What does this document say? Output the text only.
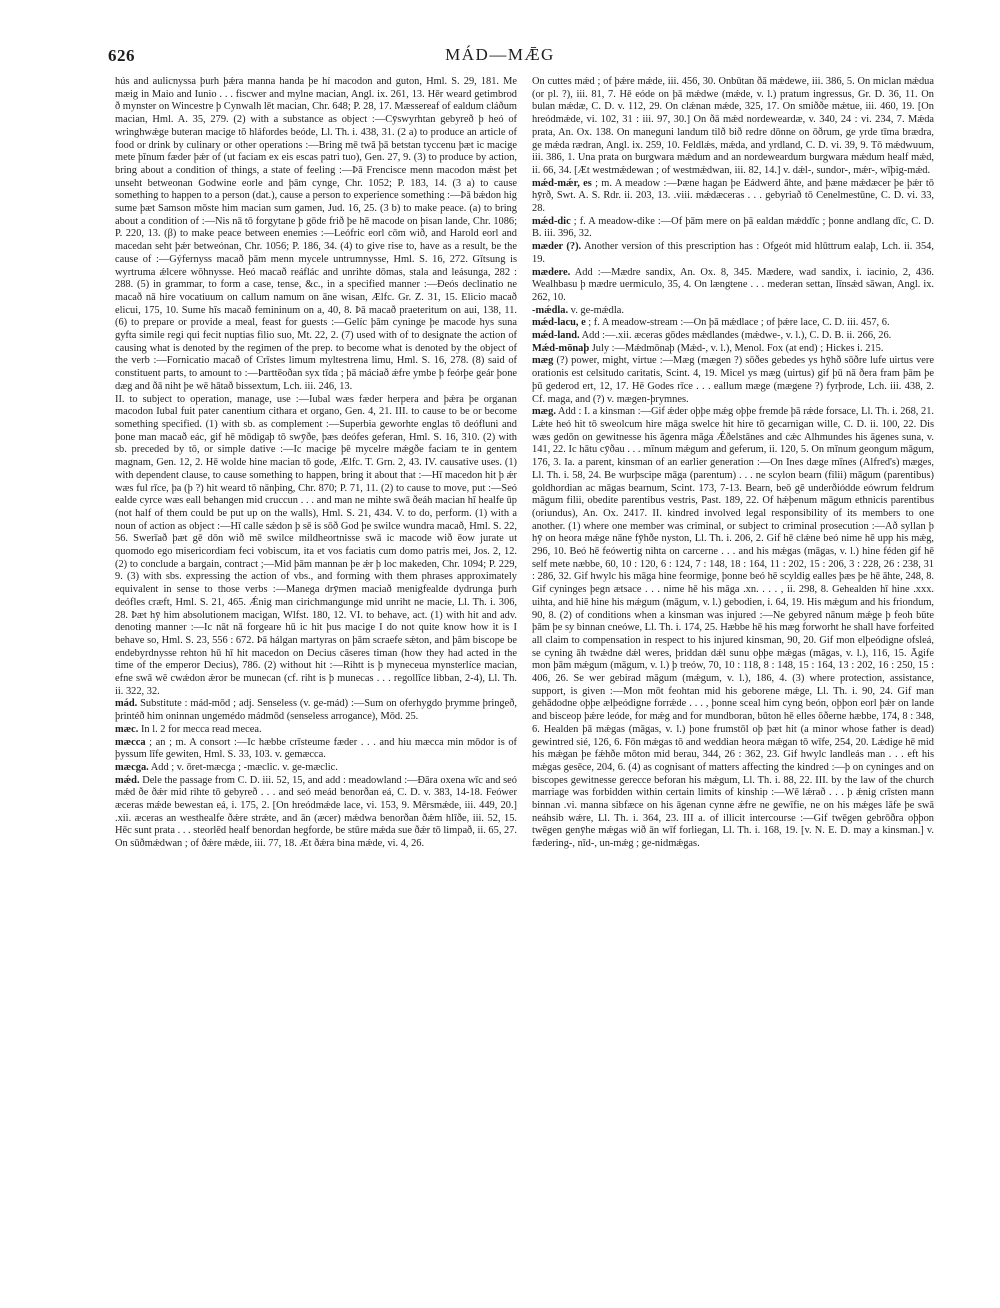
626	MÁD—MǢG

hús and aulicnyssa þurh þǽra manna handa þe hí macodon and guton, Hml. S. 29, 181. Me mæig in Maio and Iunio . . . fiscwer and mylne macian, Angl. ix. 261, 13. Hēr weard getimbrod ð mynster on Wincestre þ Cynwalh lēt macian, Chr. 648; P. 28, 17. Mæssereaf of ealdum cláðum macian, Hml. A. 35, 279. (2) with a substance as object :—Cȳswyrhtan gebyreð þ heó of wringhwǽge buteran macige tō hláfordes beóde, Ll. Th. i. 438, 31. (2 a) to produce an article of food or drink by culinary or other operations :—Bring mē twā þā betstan tyccenu þæt ic macige mete þīnum fæder þǽr of (ut faciam ex eis escas patri tuo), Gen. 27, 9. (3) to produce by action, bring about a condition of things, a state of feeling :—Þā Frencisce menn macodon mǽst þet unseht betweonan Godwine eorle and þām cynge, Chr. 1052; P. 183, 14. (3 a) to cause something to happen to a person (dat.), cause a person to experience something :—Þā bǽdon hig sume þæt Samson mōste him macian sum gamen, Jud. 16, 25. (3 b) to make peace. (a) to bring about a condition of :—Nis nā tō forgytane þ gōde frið þe hē macode on þisan lande, Chr. 1086; P. 220, 13. (β) to make peace between enemies :—Leófric eorl cōm wið, and Harold eorl and macedan seht þǽr betweónan, Chr. 1056; P. 186, 34. (4) to give rise to, have as a result, be the cause of :—Gýfernyss macað þām menn mycele untrumnysse, Hml. S. 16, 272. Gītsung is wyrtruma ǽlcere wōhnysse. Heó macað reáflác and unrihte dōmas, stala and leásunga, 282 : 288. (5) in grammar, to form a case, tense, &c., in a specified manner :—Ðeós declinatio ne macað nā hire vocatiuum on callum namum on āne wisan, Ælfc. Gr. Z. 31, 15. Elicio macað elicui, 175, 10. Sume hīs macað femininum on a, 40, 8. Þā macað praeteritum on aui, 138, 11. (6) to prepare or provide a meal, feast for guests :—Gelíc þām cyninge þe macode hys suna gyfta simile regi qui fecit nuptias filio suo, Mt. 22, 2. (7) used with of to designate the action of causing what is denoted by the regimen of the prep. to become what is denoted by the object of the verb :—Fornicatio macað of Crīstes limum myltestrena limu, Hml. S. 16, 278. (8) said of constituent parts, to amount to :—Þarttēoðan syx tīda ; þā máciað ǽfre ymbe þ feórþe geár þone dæg and ðā niht þe wē hātað bissextum, Lch. iii. 246, 13.

II. to subject to operation, manage, use :—Iubal wæs fæder herpera and þǽra þe organan macodon Iubal fuit pater canentium cithara et organo, Gen. 4, 21. III. to cause to be or become something specified. (1) with sb. as complement :—Superbia geworhte englas tō deófluni and þone man macað eác, gif hē mōdigaþ tō swȳðe, þæs deófes geferan, Hml. S. 16, 310. (2) with sb. preceded by tō, or simple dative :—Ic macige þē mycelre mǽgðe faciam te in gentem magnam, Gen. 12, 2. Hē wolde hine macian tō gode, Ælfc. T. Grn. 2, 43. IV. causative uses. (1) with dependent clause, to cause something to happen, bring it about that :—Hī macedon hit þ ǽr wæs ful rīce, þa (þ ?) hit weard tō nānþing, Chr. 870; P. 71, 11. (2) to cause to move, put :—Seó ealde cyrce wæs eall behangen mid cruccun . . . and man ne mihte swā ðeáh macian hī healfe ūp (not half of them could be put up on the walls), Hml. S. 21, 434. V. to do, perform. (1) with a noun of action as object :—Hī calle sǽdon þ sē is sōð God þe swilce wundra macað, Hml. S. 22, 56. Swerīað þæt gē dōn wið mē swilce mildheortnisse swā ic macode wið ēow jurate ut quomodo ego misericordiam feci vobiscum, ita et vos faciatis cum domo patris mei, Jos. 2, 12. (2) to conclude a bargain, contract ;—Mid þām mannan þe ǽr þ loc makeden, Chr. 1094; P. 229, 9. (3) with sbs. expressing the action of vbs., and forming with them phrases approximately equivalent in sense to those verbs :—Manega drȳmen maciað menigfealde dydrunga þurh deófles cræft, Hml. S. 21, 465. Ǽnig man cirichmangunge mid unriht ne macie, Ll. Th. i. 306, 28. Þæt hȳ him absolutionem macigan, Wlfst. 180, 12. VI. to behave, act. (1) with hit and adv. denoting manner :—Ic nāt nā forgeare hū ic hit þus macige I do not quite know how it is I behave so, Hml. S. 23, 556 : 672. Þā hálgan martyras on þām scraefe sǽton, and þām biscope be endebyrdnysse rehton hū hī hit macedon on Decius cāseres timan (how they had acted in the time of the emperor Decius), 786. (2) without hit :—Rihtt is þ myneceua mynsterlíce macian, efne swā wē cwǽdon ǽror be munecan (cf. riht is þ munecas . . . regollīce libban, 2-4), Ll. Th. ii. 322, 32.

mád. Substitute : mád-mōd ; adj. Senseless (v. ge-mád) :—Sum on oferhygdo þrymme þringeð, þrintéð him oninnan ungemédo mádmōd (senseless arrogance), Mōd. 25.

mæc. In l. 2 for mecca read mecea.

mæcca ; an ; m. A consort :—Ic hæbbe crīsteume fæder . . . and hiu mæcca min mōdor is of þyssum līfe gewiten, Hml. S. 33, 103. v. gemæcca.

mæcga. Add ; v. ōret-mæcga ; -mæclic. v. ge-mæclic.

mǽd. Dele the passage from C. D. iii. 52, 15, and add : meadowland :—Ðāra oxena wīc and seó mǽd ðe ðǽr mid rihte tō gebyreð . . . and seó meád benorðan eá, C. D. v. 383, 14-18. Feówer æceras mǽde bewestan eá, i. 175, 2. [On hreódmǽde lace, vi. 153, 9. Mērsmǽde, iii. 449, 20.] .xii. æceras an westhealfe ðǽre strǽte, and ān (æcer) mǽdwa benorðan ðǽm hlīðe, iii. 52, 15. Hēc sunt prata . . . steorlēd healf benordan hegforde, be stūre mǽda sue ðǽr tō limpað, ii. 65, 27. On sūðmǽdwan ; of ðǽre mǽde, iii. 77, 18. Æt ðǽra bina mǽde, vi. 4, 26.

On cuttes mǽd ; of þǽre mǽde, iii. 456, 30. Onbūtan ðā mǽdewe, iii. 386, 5. On miclan mǽdua (or pl. ?), iii. 81, 7. Hē eóde on þā mǽdwe (mǽde, v. l.) pratum ingressus, Gr. D. 36, 11. On bulan mǽdæ, C. D. v. 112, 29. On clǽnan mǽde, 325, 17. On smiððe mǽtue, iii. 460, 19. [On hreódmǽde, vi. 102, 31 : iii. 97, 30.] On ðā mǽd nordeweardæ, v. 340, 24 : vi. 234, 7. Mǽda prata, An. Ox. 138. On maneguni landum tilð bið redre dōnne on ōðrum, ge yrde tīma brædra, ge mǽda rædran, Angl. ix. 259, 10. Feldlǽs, mǽda, and yrdland, C. D. vi. 39, 9. Tō mǽdwuum, iii. 386, 1. Una prata on burgwara mǽdum and an nordeweardum burgwara mǽdum healf mǽd, ii. 66, 34. [Æt westmǽdewan ; of westmǽdwan, iii. 82, 14.] v. dǽl-, sundor-, mǽr-, wīþig-mǽd.

mǽd-mǽr, es ; m. A meadow :—Þæne hagan þe Eádwerd āhte, and þæne mǽdæcer þe þǽr tō hȳrð, Swt. A. S. Rdr. ii. 203, 13. .viii. mǽdæceras . . . gebyriað tō Cenelmestūne, C. D. vi. 33, 28.

mǽd-dic ; f. A meadow-dike :—Of þām mere on þā ealdan mǽddīc ; þonne andlang dīc, C. D. B. iii. 396, 32.

mæder (?). Another version of this prescription has : Ofgeót mid hlūttrum ealaþ, Lch. ii. 354, 19.

mædere. Add :—Mædre sandix, An. Ox. 8, 345. Mædere, wad sandix, i. iacinio, 2, 436. Wealhbasu þ mædre uermiculo, 35, 4. On længtene . . . mederan settan, līnsǽd sāwan, Angl. ix. 262, 10.

-mǽdla. v. ge-mǽdla.

mǽd-lacu, e ; f. A meadow-stream :—On þā mǽdlace ; of þǽre lace, C. D. iii. 457, 6.

mǽd-land. Add :—.xii. æceras gōdes mǽdlandes (mǽdwe-, v. l.), C. D. B. ii. 266, 26.

Mǽd-mōnaþ July :—Mǽdmōnaþ (Mǽd-, v. l.), Menol. Fox (at end) ; Hickes i. 215.

mæg (?) power, might, virtue :—Mæg (mægen ?) sōðes gebedes ys hȳhð sōðre lufe uirtus vere orationis est celsitudo caritatis, Scint. 4, 19. Micel ys mæg (uirtus) gif þū nā ðera fram þām þe þū gederod ert, 12, 17. Hē Godes rīce . . . eallum mæge (mægene ?) fyrþrode, Lch. iii. 438, 2. Cf. maga, and (?) v. mægen-þrymnes.

mæg. Add : I. a kinsman :—Gif ǽder oþþe mǽg oþþe fremde þā rǽde forsace, Ll. Th. i. 268, 21. Lǽte heó hit tō sweolcum hire māga swelce hit hire tō gecarnigan wille, C. D. ii. 100, 22. Dis wæs gedōn on gewitnesse his āgenra māga Ǽðelstānes and cǽc Alhmundes his āgenes suna, v. 141, 22. Ic hātu cȳðau . . . mīnum mǽgum and geferum, ii. 120, 5. On mīnum geongum māgum, 176, 3. Ia. a parent, kinsman of an earlier generation :—On Ines dæge mīnes (Alfred's) mæges, Ll. Th. i. 58, 24. Be wurþscipe māga (parentum) . . . ne scylon bearn (filii) māgum (parentibus) goldhordian ac māgas bearnum, Scint. 173, 7-13. Bearn, beō gē underðiódde eówrum feldrum māgum filii, obedite parentibus vestris, Past. 189, 22. Of hǽþenum māgum ethnicis parentibus (oriundus), An. Ox. 2417. II. kindred involved legal responsibility of its members to one another. (1) where one member was criminal, or subject to criminal prosecution :—Að syllan þ hȳ on heora mǽge nāne fȳhðe nyston, Ll. Th. i. 206, 2. Gif hē clǽne beó nime hē upp his mǽg, 296, 10. Beó hē feówertig nihta on carcerne . . . and his mǽgas (māgas, v. l.) hine féden gif hē self mete næbbe, 60, 10 : 120, 6 : 124, 7 : 148, 18 : 164, 11 : 202, 15 : 206, 3 : 228, 26 : 238, 31 : 286, 32. Gif hwylc his māga hine feormige, þonne beó hē scyldig ealles þæs þe hē āhte, 248, 8. Gif cyninges þegn ætsace . . . nime hē his māga .xn. . . . , ii. 298, 8. Gehealden hī hine .xxx. uihta, and hiē hine his mǽgum (māgum, v. l.) gebodien, i. 64, 19. His mǽgum and his friondum, 90, 8. (2) of conditions when a kinsman was injured :—Ne gebyred nānum mǽge þ feoh būte þām þe sy binnan cneówe, Ll. Th. i. 174, 25. Hæbbe hē his mæg forworht he shall have forfeited all claim to compensation in respect to his injured kinsman, 90, 20. Gif mon elþeódigne ofsleá, se cyning āh twǽdne dǽl weres, þriddan dǽl sunu oþþe mǽgas (māgas, v. l.), 116, 15. Āgife mon þām mǽgum (māgum, v. l.) þ treów, 70, 10 : 118, 8 : 148, 15 : 164, 13 : 202, 16 : 250, 15 : 406, 26. Se wer gebirad māgum (mǽgum, v. l.), 186, 4. (3) where protection, assistance, support, is given :—Mon mōt feohtan mid his geborene mǽge, Ll. Th. i. 90, 24. Gif man gehādodne oþþe ælþeódigne forrǽde . . . , þonne sceal him cyng beón, oþþon eorl þǽr on lande and bisceop þǽre leóde, for mǽg and for mundboran, būton hē elles ōðerne hæbbe, 174, 8 : 348, 6. Healden þā mǽgas (māgas, v. l.) þone frumstōl oþ þæt hit (a minor whose father is dead) gewintred sié, 126, 6. Fōn mǽgas tō and weddian heora mǽgan tō wīfe, 254, 20. Lǽdige hē mid his mǽgan þe fǽhðe mōton mid berau, 344, 26 : 362, 23. Gif hwylc landleás man . . . eft his mǽgas gesēce, 204, 6. (4) as cognisant of matters affecting the kindred :—þ on cyninges and on biscopes gewitnesse gerecce beforan his mǽgum, Ll. Th. i. 88, 22. III. by the law of the church marriage was forbidden within certain limits of kinship :—Wē lǽrað . . . þ ǽnig crīsten mann binnan .vi. manna sibfæce on his āgenan cynne ǽfre ne gewīfie, ne on his mǽges lāfe þe swā neáhsib wǽre, Ll. Th. i. 364, 23. III a. of illicit intercourse :—Gif twēgen gebrōðra oþþon twēgen genȳhe mǽgas wið ān wīf forliegan, Ll. Th. i. 168, 19. [v. N. E. D. may a kinsman.] v. fædering-, nīd-, un-mǽg ; ge-nidmǽgas.
